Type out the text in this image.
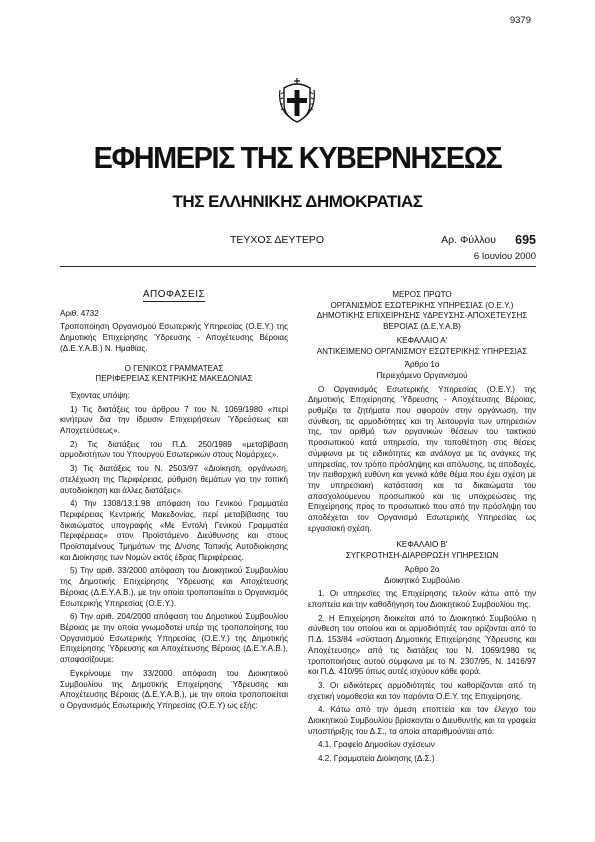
9379
ΕΦΗΜΕΡΙΣ ΤΗΣ ΚΥΒΕΡΝΗΣΕΩΣ
ΤΗΣ ΕΛΛΗΝΙΚΗΣ ΔΗΜΟΚΡΑΤΙΑΣ
ΤΕΥΧΟΣ ΔΕΥΤΕΡΟ	Αρ. Φύλλου 695
6 Ιουνίου 2000
ΑΠΟΦΑΣΕΙΣ

Αριθ. 4732

Τροποποίηση Οργανισμού Εσωτερικής Υπηρεσίας (Ο.Ε.Υ.) της Δημοτικής Επιχείρησης Ύδρευσης - Αποχέτευσης Βέροιας (Δ.Ε.Υ.Α.Β.) Ν. Ημαθίας.

Ο ΓΕΝΙΚΟΣ ΓΡΑΜΜΑΤΕΑΣ

ΠΕΡΙΦΕΡΕΙΑΣ ΚΕΝΤΡΙΚΗΣ ΜΑΚΕΔΟΝΙΑΣ

Έχοντας υπόψη:

1) Τις διατάξεις του άρθρου 7 του Ν. 1069/1980 «περί κινήτρων δια την ίδρυσιν Επιχειρήσεων Ύδρεύσεως και Αποχετεύσεως».

2) Τις διατάξεις του Π.Δ. 250/1989 «μεταβίβαση αρμοδιοτήτων του Υπουργού Εσωτερικών στους Νομάρχες».

3) Τις διατάξεις του Ν. 2503/97 «Διοίκηση, οργάνωση, στελέχωση της Περιφέρειας, ρύθμιση θεμάτων για την τοπική αυτοδιοίκηση και άλλες διατάξεις».

4) Την 1308/13.1.98 απόφαση του Γενικού Γραμματέα Περιφέρειας Κεντρικής Μακεδονίας, περί μεταβίβασης του δικαιώματος υπογραφής «Με Εντολή Γενικού Γραμματέα Περιφέρειας» στον Προϊστάμενο Διεύθυνσης και στους Προϊσταμένους Τμημάτων της Δ/νσης Τοπικής Αυτοδιοίκησης και Διοίκησης των Νομών εκτός έδρας Περιφέρειας.

5) Την αριθ. 33/2000 απόφαση του Διοικητικού Συμβουλίου της Δημοτικής Επιχείρησης Ύδρευσης και Αποχέτευσης Βέροιας (Δ.Ε.Υ.Α.Β.), με την οποία τροποποιείται ο Οργανισμός Εσωτερικής Υπηρεσίας (Ο.Ε.Υ.).

6) Την αριθ. 204/2000 απόφαση του Δημοτικού Συμβουλίου Βέροιας με την οποία γνωμοδοτεί υπέρ της τροποποίησης του Οργανισμού Εσωτερικής Υπηρεσίας (Ο.Ε.Υ.) της Δημοτικής Επιχείρησης Ύδρευσης και Αποχέτευσης Βέροιας (Δ.Ε.Υ.Α.Β.), αποφασίζουμε:

Εγκρίνουμε την 33/2000 απόφαση του Διοικητικού Συμβουλίου της Δημοτικής Επιχείρησης Ύδρευσης και Αποχέτευσης Βέροιας (Δ.Ε.Υ.Α.Β.), με την οποία τροποποιείται ο Οργανισμός Εσωτερικής Υπηρεσίας (Ο.Ε.Υ) ως εξής:

ΜΕΡΟΣ ΠΡΩΤΟ

ΟΡΓΑΝΙΣΜΟΣ ΕΣΩΤΕΡΙΚΗΣ ΥΠΗΡΕΣΙΑΣ (Ο.Ε.Υ.)

ΔΗΜΟΤΙΚΗΣ ΕΠΙΧΕΙΡΗΣΗΣ ΥΔΡΕΥΣΗΣ-ΑΠΟΧΕΤΕΥΣΗΣ

ΒΕΡΟΙΑΣ (Δ.Ε.Υ.Α.Β)

ΚΕΦΑΛΑΙΟ Α'

ΑΝΤΙΚΕΙΜΕΝΟ ΟΡΓΑΝΙΣΜΟΥ ΕΣΩΤΕΡΙΚΗΣ ΥΠΗΡΕΣΙΑΣ

Άρθρο 1ο

Περιεχόμενο Οργανισμού

Ο Οργανισμός Εσωτερικής Υπηρεσίας (Ο.Ε.Υ.) της Δημοτικής Επιχείρησης Ύδρευσης - Αποχέτευσης Βέροιας, ρυθμίζει τα ζητήματα που αφορούν στην οργάνωση, την σύνθεση, τις αρμοδιότητες και τη λειτουργία των υπηρεσιών της, τον αριθμό των οργανικών θέσεων του τακτικού προσωπικού κατά υπηρεσία, την τοποθέτηση στις θέσεις σύμφωνα με τις ειδικότητες και ανάλογα με τις ανάγκες της υπηρεσίας, τον τρόπο πρόσληψης και απόλυσης, τις αποδοχές, την πειθαρχική ευθύνη και γενικά κάθε θέμα που έχει σχέση με την υπηρεσιακή κατάσταση και τα δικαιώματα του απασχολούμενου προσωπικού και τις υποχρεώσεις της Επιχείρησης προς το προσωπικό που από την πρόσληψη του αποδέχεται τον Οργανισμό Εσωτερικής Υπηρεσίας ως εργασιακή σχέση.

ΚΕΦΑΛΑΙΟ Β'

ΣΥΓΚΡΟΤΗΣΗ-ΔΙΑΡΘΡΩΣΗ ΥΠΗΡΕΣΙΩΝ

Άρθρο 2ο

Διοικητικό Συμβούλιο

1. Οι υπηρεσίες της Επιχείρησης τελούν κάτω από την εποπτεία και την καθοδήγηση του Διοικητικού Συμβουλίου της.

2. Η Επιχείρηση διοικείται από το Διοικητικό Συμβούλιο η σύνθεση του οποίου και οι αρμοδιότητές του ορίζονται από το Π.Δ. 153/84 «σύσταση Δημοτικής Επιχείρησης Ύδρευσης και Αποχέτευσης» από τις διατάξεις του Ν. 1069/1980 τις τροποποιήσεις αυτού σύμφωνα με το Ν. 2307/95, Ν. 1416/97 και Π.Δ. 410/95 όπως αυτές ισχύουν κάθε φορά.

3. Οι ειδικότερες αρμοδιότητές του καθορίζονται από τη σχετική νομοθεσία και τον παρόντα Ο.Ε.Υ. της Επιχείρησης.

4. Κάτω από την άμεση εποπτεία και τον έλεγχο του Διοικητικού Συμβουλίου βρίσκονται ο Διευθυντής και τα γραφεία υποστήριξης του Δ.Σ., τα οποία απαριθμούνται από:

4.1. Γραφείο Δημοσίων σχέσεων

4.2. Γραμματεία Διοίκησης (Δ.Σ.)
